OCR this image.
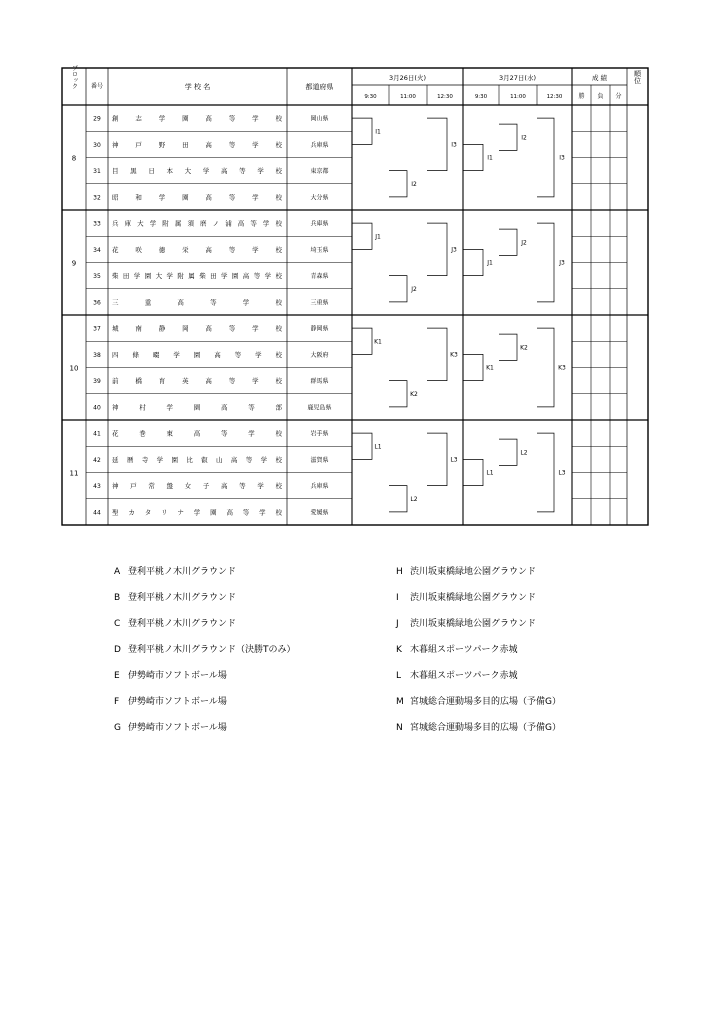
ブロック 番号	学 校 名	都道府県
3月26日(火)	3月27日(水)
9:30	9:30
11:00	11:00
12:30	12:30
成 績
勝 負 分
順位
8
29 創 志 学 園 高 等 学 校	岡山県
30 神 戸 野 田 高 等 学 校	兵庫県
31 目 黒 日 本 大 学 高 等 学 校	東京都
32 昭 和 学 園 高 等 学 校	大分県
I1
I2
I3
I1
I2
I3
9
33 兵庫大学附属須磨ノ浦高等学校	兵庫県
34 花 咲 徳 栄 高 等 学 校	埼玉県
35 柴田学園大学附属柴田学園高等学校	青森県
36 三 重 高 等 学 校	三重県
J1
J2
J3
J1
J2
J3
10
37 城 南 静 岡 高 等 学 校	静岡県
38 四 條 畷 学 園 高 等 学 校	大阪府
39 前 橋 育 英 高 等 学 校	群馬県
40 神 村 学 園 高 等 部	鹿児島県
K1
K2
K3
K1
K2
K3
11
41 花 巻 東 高 等 学 校	岩手県
42 延暦寺学園比叡山高等学校	滋賀県
43 神 戸 常 盤 女 子 高 等 学 校	兵庫県
44 聖 カ タ リ ナ 学 園 高 等 学 校	愛媛県
L1
L2
L3
L1
L2
L3
A 登利平桃ノ木川グラウンド
B 登利平桃ノ木川グラウンド
C 登利平桃ノ木川グラウンド
D 登利平桃ノ木川グラウンド（決勝Tのみ）
E 伊勢崎市ソフトボール場
F 伊勢崎市ソフトボール場
G 伊勢崎市ソフトボール場
H 渋川坂東橋緑地公園グラウンド
I 渋川坂東橋緑地公園グラウンド
J 渋川坂東橋緑地公園グラウンド
K 木暮組スポーツパーク赤城
L 木暮組スポーツパーク赤城
M 宮城総合運動場多目的広場（予備G）
N 宮城総合運動場多目的広場（予備G）
